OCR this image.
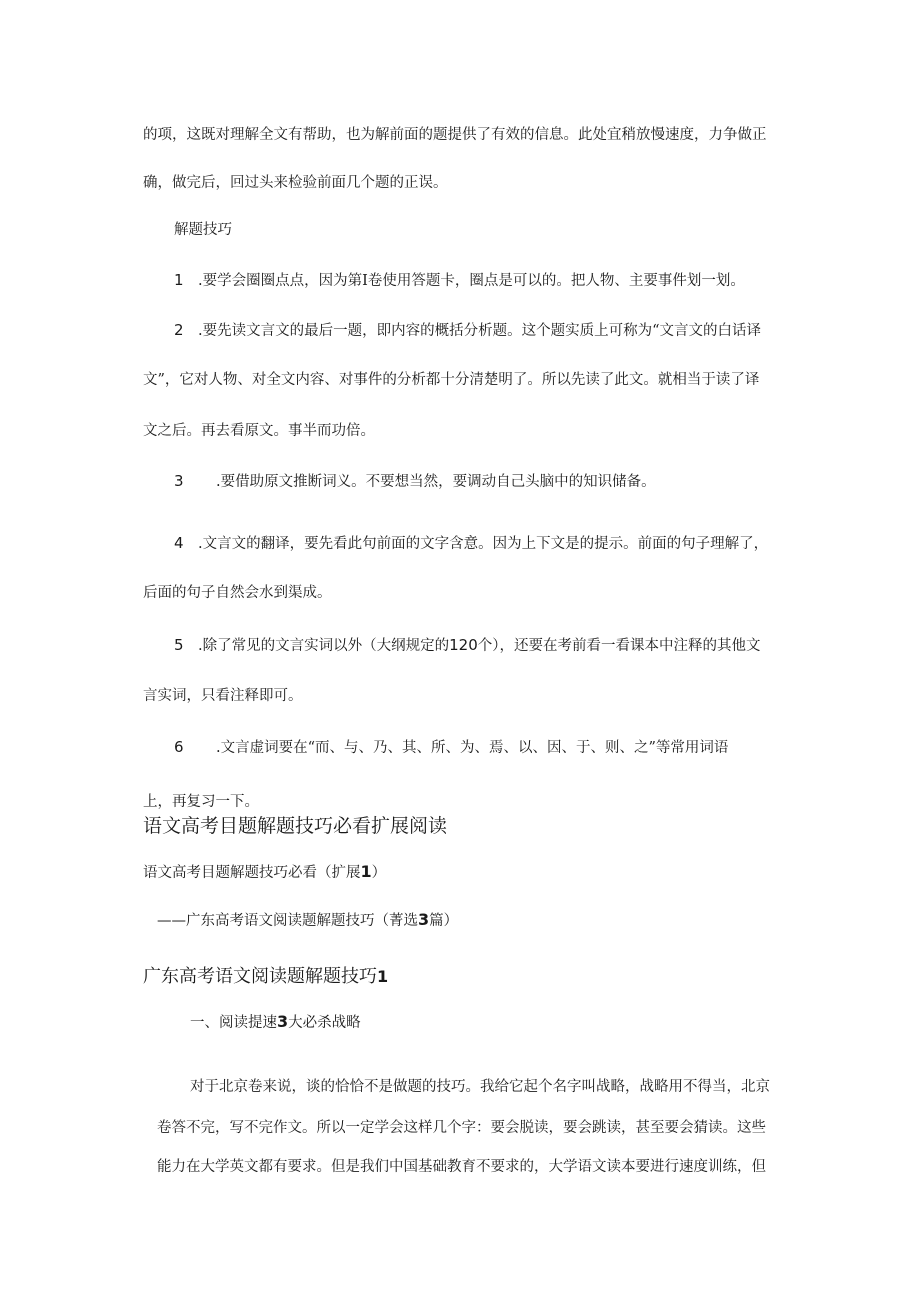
的项，这既对理解全文有帮助，也为解前面的题提供了有效的信息。此处宜稍放慢速度，力争做正
确，做完后，回过头来检验前面几个题的正误。
解题技巧
1 .要学会圈圈点点，因为第Ⅰ卷使用答题卡，圈点是可以的。把人物、主要事件划一划。
2 .要先读文言文的最后一题，即内容的概括分析题。这个题实质上可称为“文言文的白话译
文”，它对人物、对全文内容、对事件的分析都十分清楚明了。所以先读了此文。就相当于读了译
文之后。再去看原文。事半而功倍。
3 .要借助原文推断词义。不要想当然，要调动自己头脑中的知识储备。
4 .文言文的翻译，要先看此句前面的文字含意。因为上下文是的提示。前面的句子理解了，
后面的句子自然会水到渠成。
5 .除了常见的文言实词以外（大纲规定的120个），还要在考前看一看课本中注释的其他文
言实词，只看注释即可。
6 .文言虚词要在“而、与、乃、其、所、为、焉、以、因、于、则、之”等常用词语
上，再复习一下。
语文高考目题解题技巧必看扩展阅读
语文高考目题解题技巧必看（扩展1）
——广东高考语文阅读题解题技巧（菁选3篇）
广东高考语文阅读题解题技巧1
一、阅读提速3大必杀战略
对于北京卷来说，谈的恰恰不是做题的技巧。我给它起个名字叫战略，战略用不得当，北京
卷答不完，写不完作文。所以一定学会这样几个字：要会脱读，要会跳读，甚至要会猜读。这些
能力在大学英文都有要求。但是我们中国基础教育不要求的，大学语文读本要进行速度训练，但
